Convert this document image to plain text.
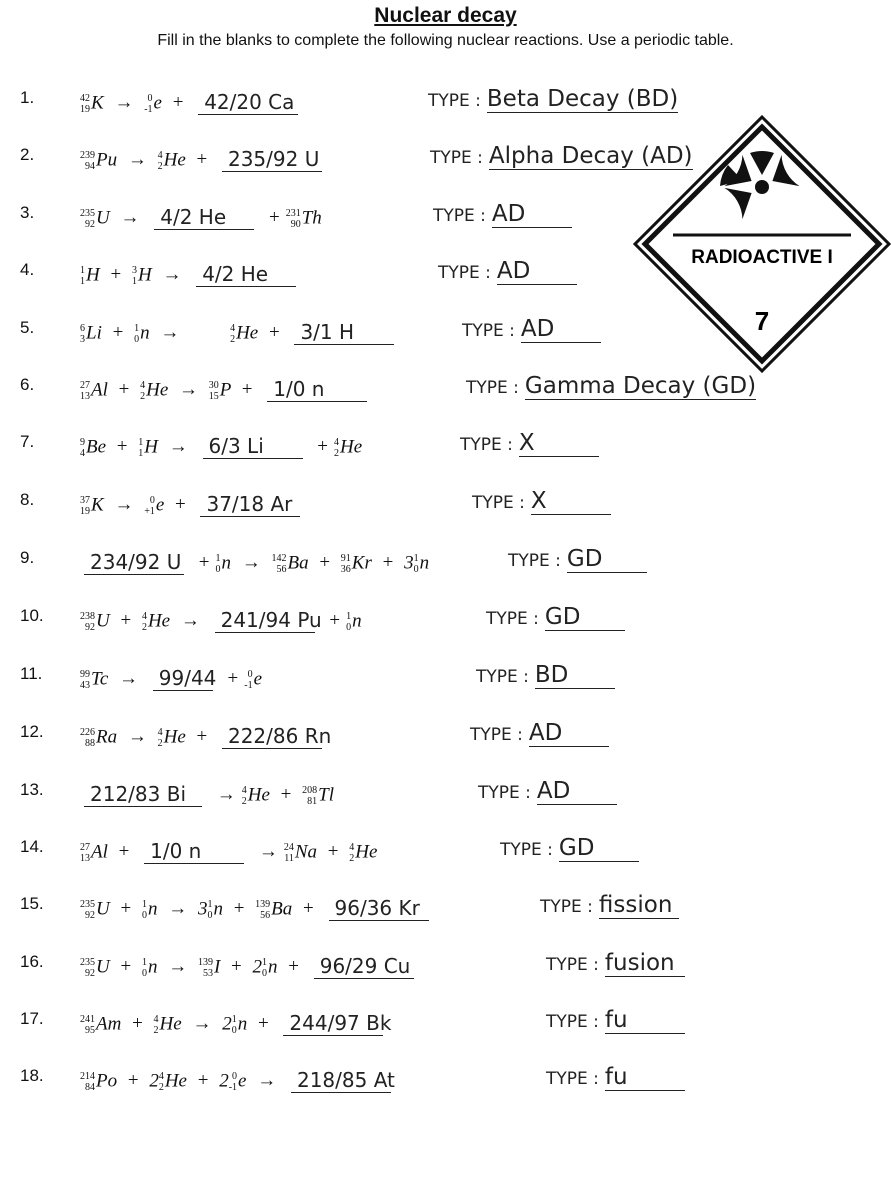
Nuclear decay
Fill in the blanks to complete the following nuclear reactions. Use a periodic table.
RADIOACTIVE I
7
1.	42
19 K → 0
-1 e + 42/20 Ca	TYPE : Beta Decay (BD)
2.	239
94 Pu → 4
2 He + 235/92 U	TYPE : Alpha Decay (AD)
3.	235
92 U → 4/2 He + 231
90 Th	TYPE : AD
4.	1
1 H + 3
1 H → 4/2 He	TYPE : AD
5.	6
3 Li + 1
0 n →	4
2 He + 3/1 H	TYPE : AD
6.	27
13 Al + 4
2 He → 30
15 P + 1/0 n	TYPE : Gamma Decay (GD)
7.	9
4 Be + 1
1 H → 6/3 Li	+ 4
2 He	TYPE : X
8.	37
19 K → 0
+1 e + 37/18 Ar	TYPE : X
9.	234/92 U + 1
0 n → 142
56 Ba + 91
36 Kr + 3 1
0 n	TYPE : GD
10.	238
92 U + 4
2 He → 241/94 Pu + 1
0 n	TYPE : GD
11.	99
43 Tc → 99/44 + 0
-1 e	TYPE : BD
12.	226
88 Ra → 4
2 He + 222/86 Rn	TYPE : AD
13. 212/83 Bi → 4
2 He + 208
81 Tl	TYPE : AD
14.	27
13 Al + 1/0 n	→ 24
11 Na + 4
2 He	TYPE : GD
15.	235
92 U + 1
0 n → 3 1
0 n + 139
56 Ba + 96/36 Kr	TYPE : fission
16.	235
92 U + 1
0 n → 139
53 I + 2 1
0 n + 96/29 Cu	TYPE : fusion
17.	241
95 Am + 4
2 He → 2 1
0 n + 244/97 Bk	TYPE : fu
18.	214
84 Po + 2 4
2 He + 2 0
-1 e → 218/85 At	TYPE : fu
